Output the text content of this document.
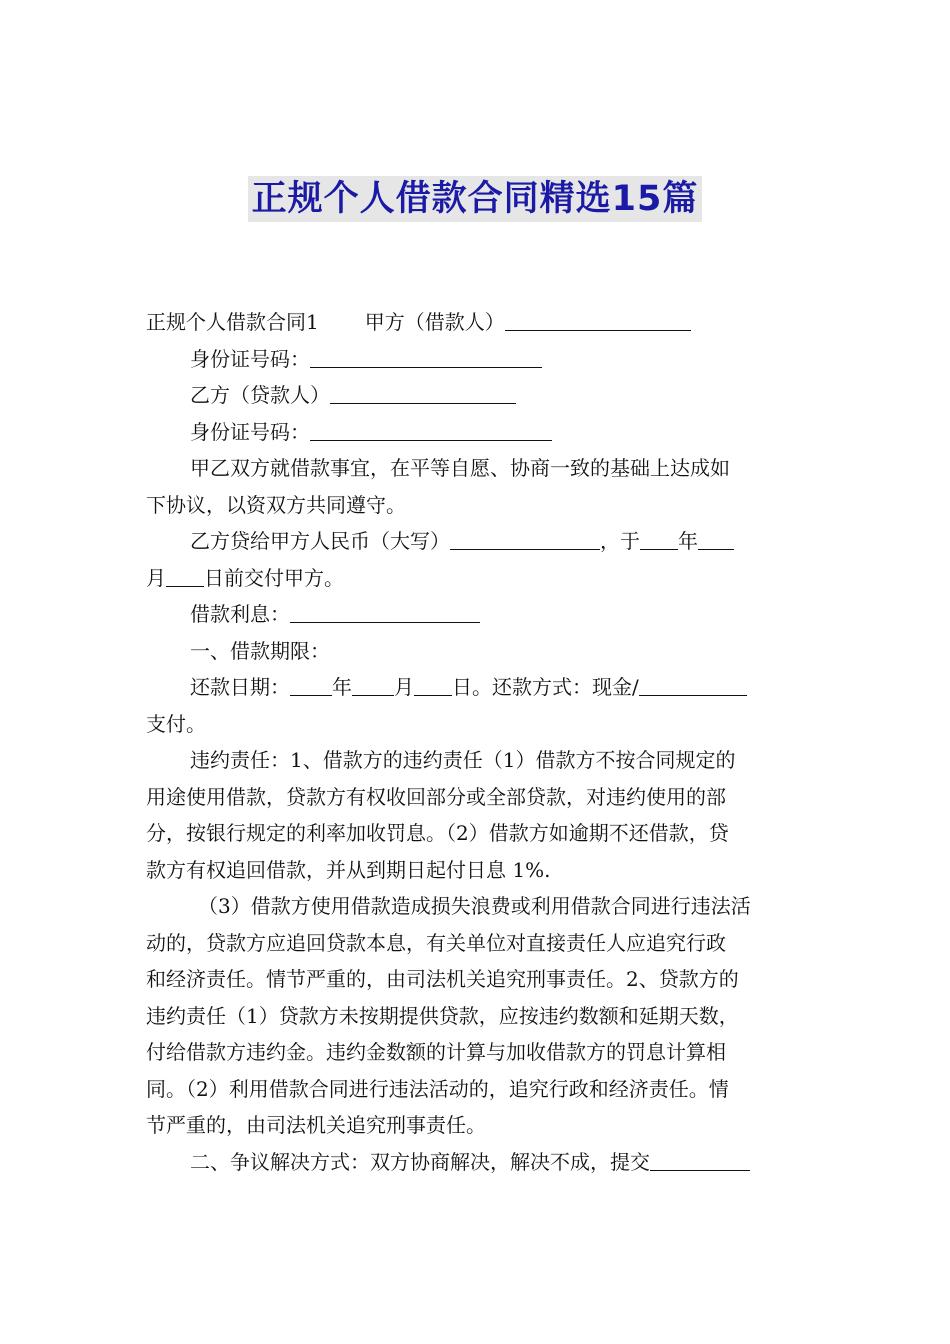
正规个人借款合同精选15篇
正规个人借款合同1 甲方（借款人）
身份证号码：
乙方（贷款人）
身份证号码：
甲乙双方就借款事宜，在平等自愿、协商一致的基础上达成如
下协议，以资双方共同遵守。
乙方贷给甲方人民币（大写）	，于 年
月 日前交付甲方。
借款利息：
一、借款期限：
还款日期： 年 月 日。还款方式：现金/
支付。
违约责任：1、借款方的违约责任（1）借款方不按合同规定的
用途使用借款，贷款方有权收回部分或全部贷款，对违约使用的部
分，按银行规定的利率加收罚息。（2）借款方如逾期不还借款，贷
款方有权追回借款，并从到期日起付日息 1%.
（3）借款方使用借款造成损失浪费或利用借款合同进行违法活
动的，贷款方应追回贷款本息，有关单位对直接责任人应追究行政
和经济责任。情节严重的，由司法机关追究刑事责任。2、贷款方的
违约责任（1）贷款方未按期提供贷款，应按违约数额和延期天数，
付给借款方违约金。违约金数额的计算与加收借款方的罚息计算相
同。（2）利用借款合同进行违法活动的，追究行政和经济责任。情
节严重的，由司法机关追究刑事责任。
二、争议解决方式：双方协商解决，解决不成，提交
